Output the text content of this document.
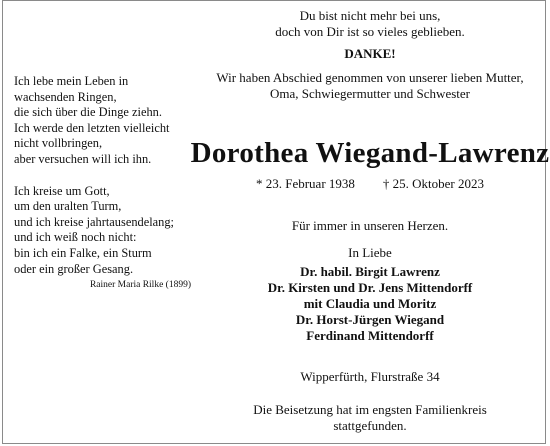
Ich lebe mein Leben in
wachsenden Ringen,
die sich über die Dinge ziehn.
Ich werde den letzten vielleicht
nicht vollbringen,
aber versuchen will ich ihn.
Ich kreise um Gott,
um den uralten Turm,
und ich kreise jahrtausendelang;
und ich weiß noch nicht:
bin ich ein Falke, ein Sturm
oder ein großer Gesang.
Rainer Maria Rilke (1899)
Du bist nicht mehr bei uns,
doch von Dir ist so vieles geblieben.
DANKE!
Wir haben Abschied genommen von unserer lieben Mutter,
Oma, Schwiegermutter und Schwester
Dorothea Wiegand-Lawrenz
* 23. Februar 1938 † 25. Oktober 2023
Für immer in unseren Herzen.
In Liebe
Dr. habil. Birgit Lawrenz
Dr. Kirsten und Dr. Jens Mittendorff
mit Claudia und Moritz
Dr. Horst-Jürgen Wiegand
Ferdinand Mittendorff
Wipperfürth, Flurstraße 34
Die Beisetzung hat im engsten Familienkreis
stattgefunden.
